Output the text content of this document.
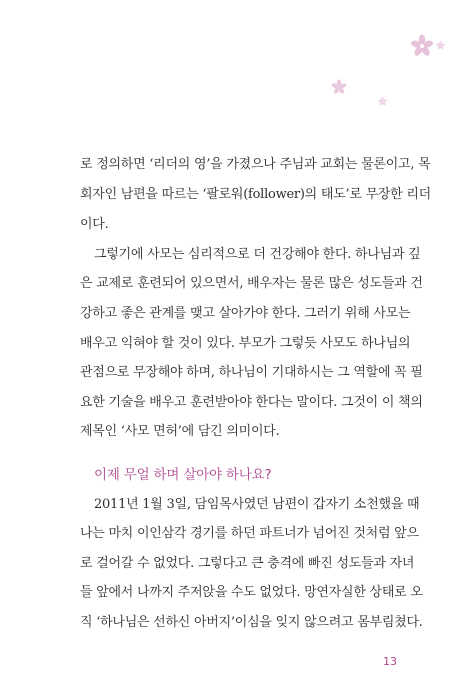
로 정의하면 ‘리더의 영’을 가졌으나 주님과 교회는 물론이고, 목
회자인 남편을 따르는 ‘팔로워(follower)의 태도’로 무장한 리더
이다.
그렇기에 사모는 심리적으로 더 건강해야 한다. 하나님과 깊
은 교제로 훈련되어 있으면서, 배우자는 물론 많은 성도들과 건
강하고 좋은 관계를 맺고 살아가야 한다. 그러기 위해 사모는
배우고 익혀야 할 것이 있다. 부모가 그렇듯 사모도 하나님의
관점으로 무장해야 하며, 하나님이 기대하시는 그 역할에 꼭 필
요한 기술을 배우고 훈련받아야 한다는 말이다. 그것이 이 책의
제목인 ‘사모 면허’에 담긴 의미이다.
이제 무얼 하며 살아야 하나요?
2011년 1월 3일, 담임목사였던 남편이 갑자기 소천했을 때
나는 마치 이인삼각 경기를 하던 파트너가 넘어진 것처럼 앞으
로 걸어갈 수 없었다. 그렇다고 큰 충격에 빠진 성도들과 자녀
들 앞에서 나까지 주저앉을 수도 없었다. 망연자실한 상태로 오
직 ‘하나님은 선하신 아버지’이심을 잊지 않으려고 몸부림쳤다.
13
